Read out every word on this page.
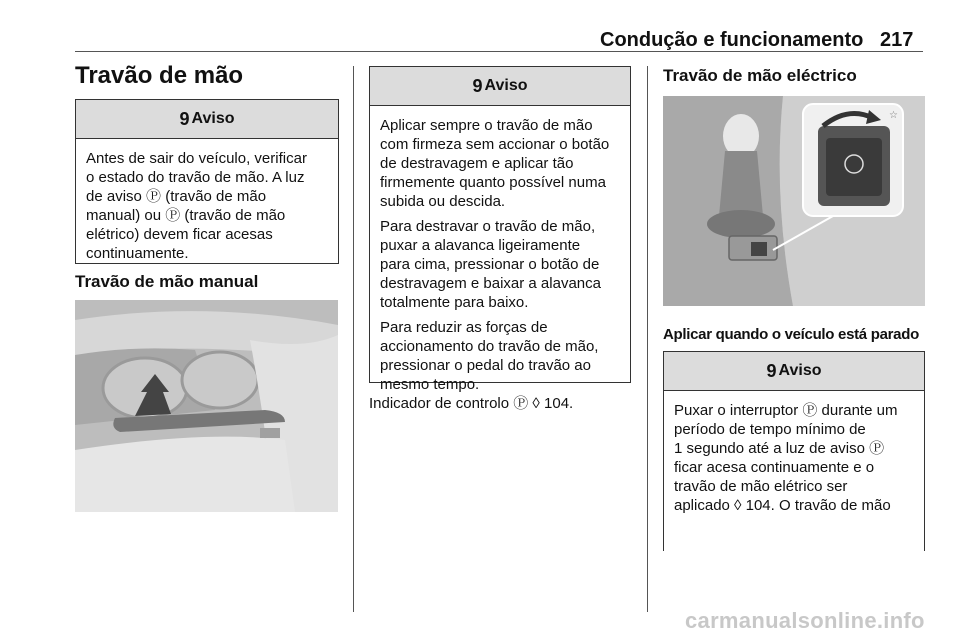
Condução e funcionamento 217
Travão de mão
9 Aviso
Antes de sair do veículo, verificar
o estado do travão de mão. A luz
de aviso Ⓟ (travão de mão
manual) ou Ⓟ (travão de mão
elétrico) devem ficar acesas
continuamente.
Travão de mão manual
9 Aviso

Aplicar sempre o travão de mão
com firmeza sem accionar o botão
de destravagem e aplicar tão
firmemente quanto possível numa
subida ou descida.

Para destravar o travão de mão,
puxar a alavanca ligeiramente
para cima, pressionar o botão de
destravagem e baixar a alavanca
totalmente para baixo.

Para reduzir as forças de
accionamento do travão de mão,
pressionar o pedal do travão ao
mesmo tempo.

Indicador de controlo Ⓟ ◊ 104.
Travão de mão eléctrico
☆
Aplicar quando o veículo está parado
9 Aviso
Puxar o interruptor Ⓟ durante um
período de tempo mínimo de
1 segundo até a luz de aviso Ⓟ
ficar acesa continuamente e o
travão de mão elétrico ser
aplicado ◊ 104. O travão de mão
carmanualsonline.info
